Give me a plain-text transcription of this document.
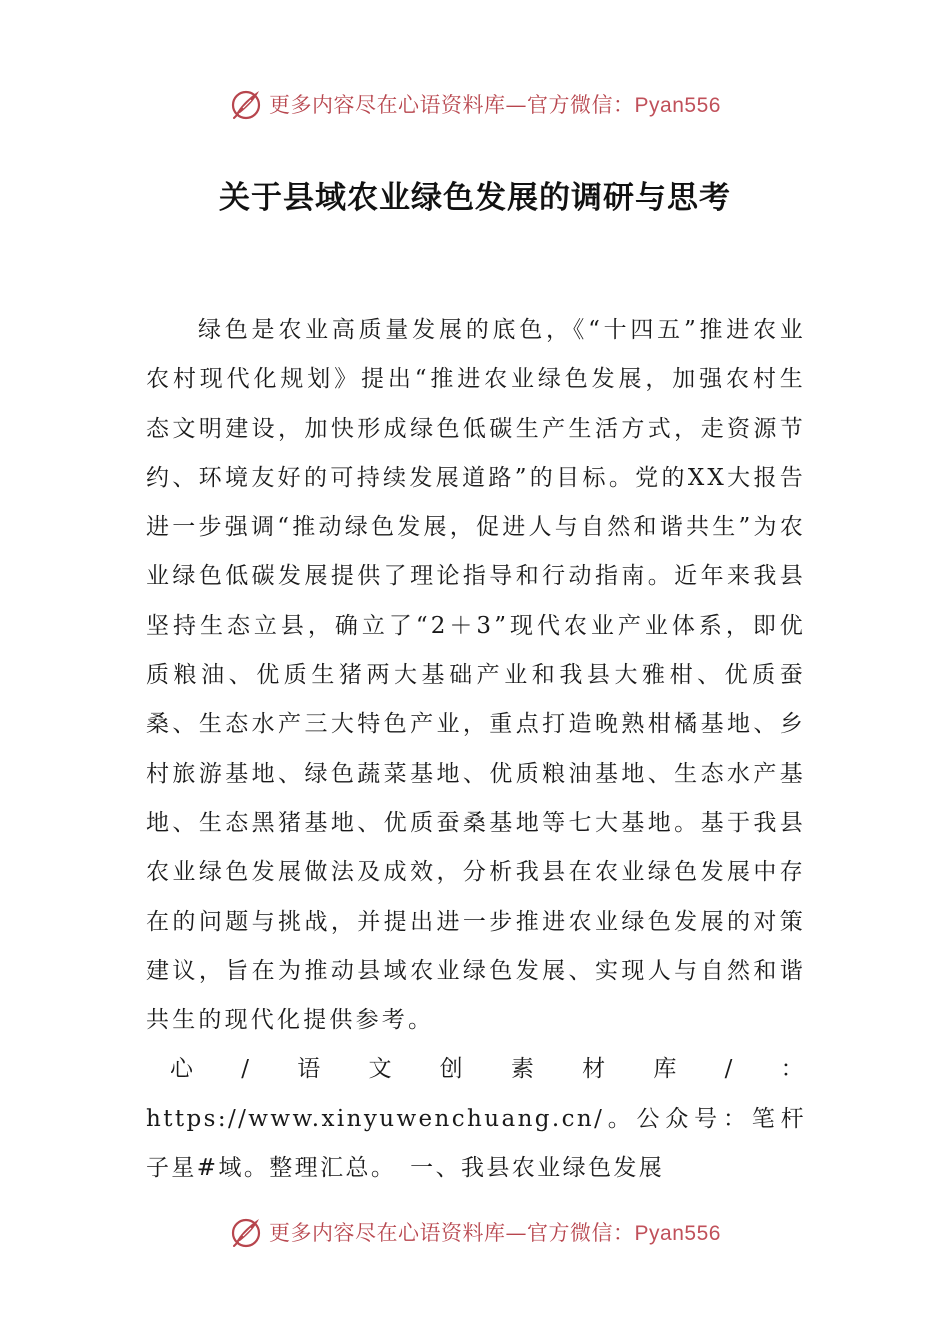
更多内容尽在心语资料库—官方微信：Pyan556
关于县域农业绿色发展的调研与思考

绿色是农业高质量发展的底色，《“十四五”推进农业农村现代化规划》提出“推进农业绿色发展，加强农村生态文明建设，加快形成绿色低碳生产生活方式，走资源节约、环境友好的可持续发展道路”的目标。党的XX大报告进一步强调“推动绿色发展，促进人与自然和谐共生”为农业绿色低碳发展提供了理论指导和行动指南。近年来我县坚持生态立县，确立了“2＋3”现代农业产业体系，即优质粮油、优质生猪两大基础产业和我县大雅柑、优质蚕桑、生态水产三大特色产业，重点打造晚熟柑橘基地、乡村旅游基地、绿色蔬菜基地、优质粮油基地、生态水产基地、生态黑猪基地、优质蚕桑基地等七大基地。基于我县农业绿色发展做法及成效，分析我县在农业绿色发展中存在的问题与挑战，并提出进一步推进农业绿色发展的对策建议，旨在为推动县域农业绿色发展、实现人与自然和谐共生的现代化提供参考。

心/语文创素材库/：https://www.xinyuwenchuang.cn/。公众号：笔杆子星#域。整理汇总。　一、我县农业绿色发展

更多内容尽在心语资料库—官方微信：Pyan556
